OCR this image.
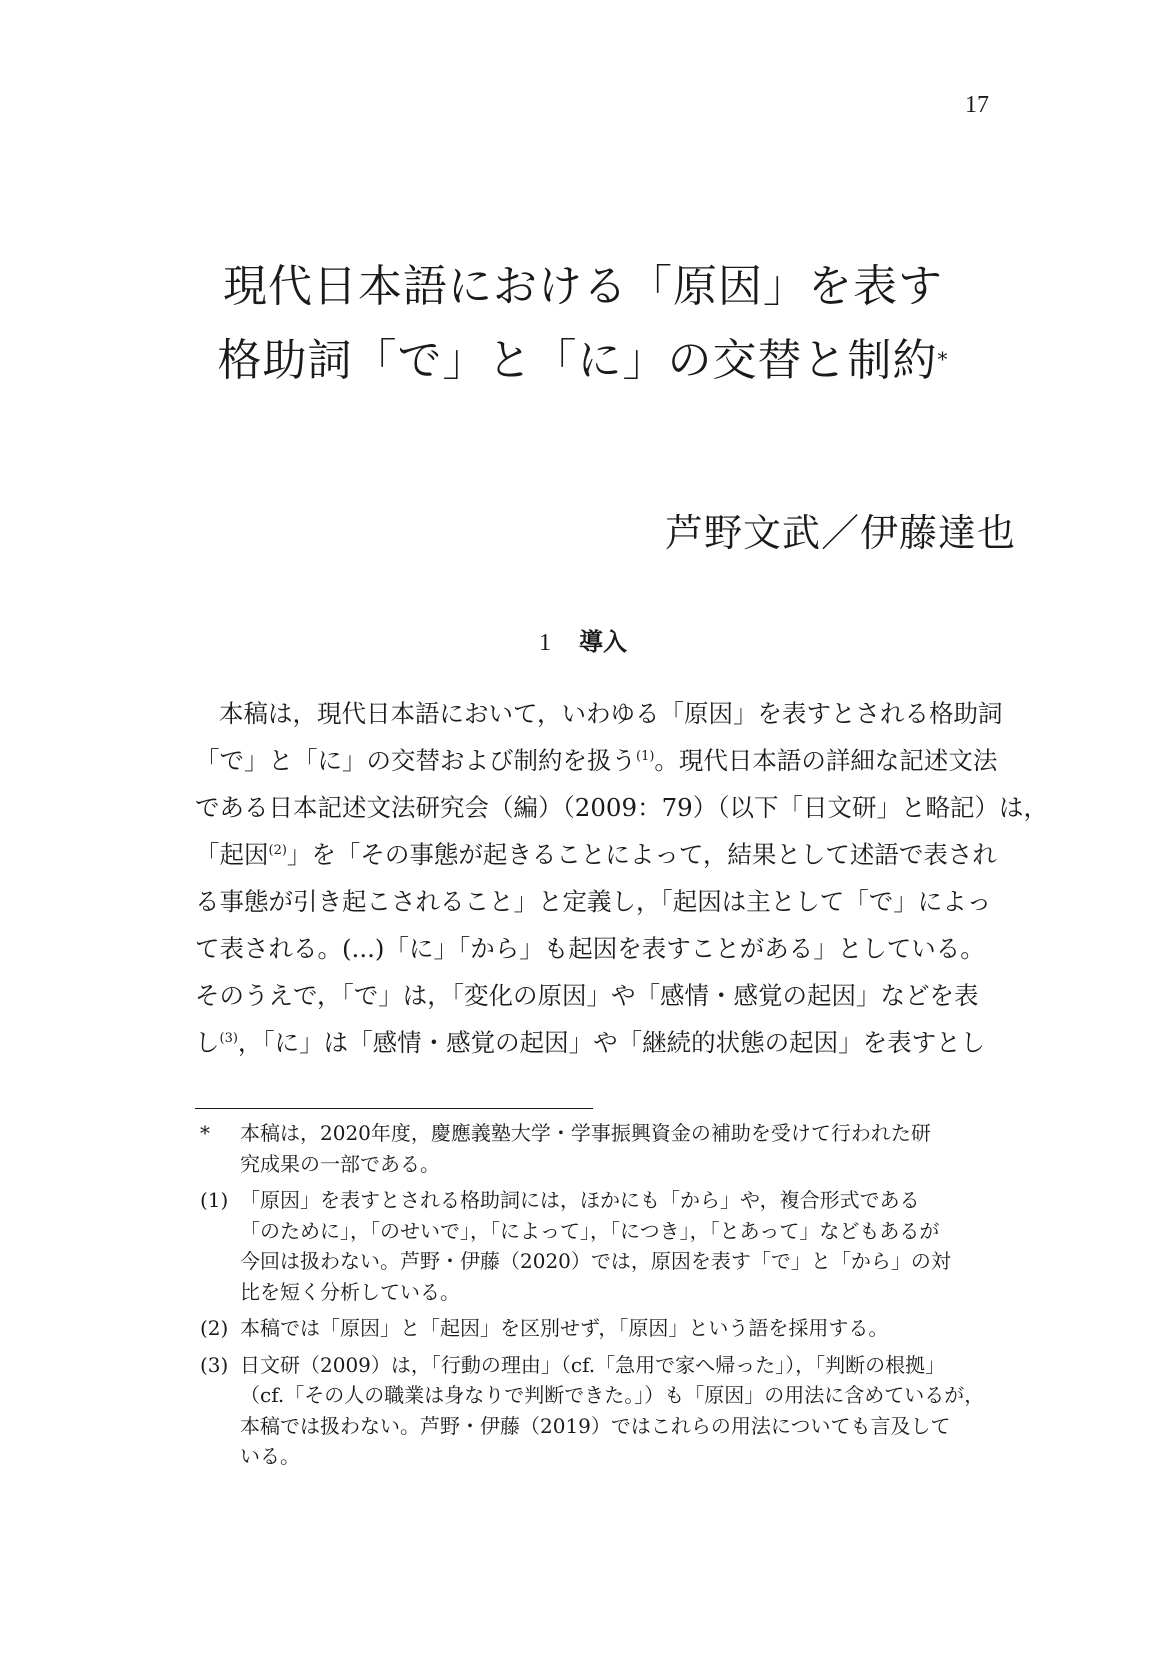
17
現代日本語における「原因」を表す
格助詞「で」と「に」の交替と制約*
芦野文武／伊藤達也
1 導入
本稿は，現代日本語において，いわゆる「原因」を表すとされる格助詞
「で」と「に」の交替および制約を扱う$^{(1)}$。現代日本語の詳細な記述文法
である日本記述文法研究会（編）（2009：79）（以下「日文研」と略記）は，
「起因$^{(2)}$」を「その事態が起きることによって，結果として述語で表され
る事態が引き起こされること」と定義し，「起因は主として「で」によっ
て表される。(...)「に」「から」も起因を表すことがある」としている。
そのうえで，「で」は，「変化の原因」や「感情・感覚の起因」などを表
し$^{(3)}$，「に」は「感情・感覚の起因」や「継続的状態の起因」を表すとし
* 本稿は，2020年度，慶應義塾大学・学事振興資金の補助を受けて行われた研
究成果の一部である。
(1) 「原因」を表すとされる格助詞には，ほかにも「から」や，複合形式である
「のために」，「のせいで」，「によって」，「につき」，「とあって」などもあるが
今回は扱わない。芦野・伊藤（2020）では，原因を表す「で」と「から」の対
比を短く分析している。
(2) 本稿では「原因」と「起因」を区別せず，「原因」という語を採用する。
(3) 日文研（2009）は，「行動の理由」（cf.「急用で家へ帰った」），「判断の根拠」
（cf.「その人の職業は身なりで判断できた。」）も「原因」の用法に含めているが，
本稿では扱わない。芦野・伊藤（2019）ではこれらの用法についても言及して
いる。
